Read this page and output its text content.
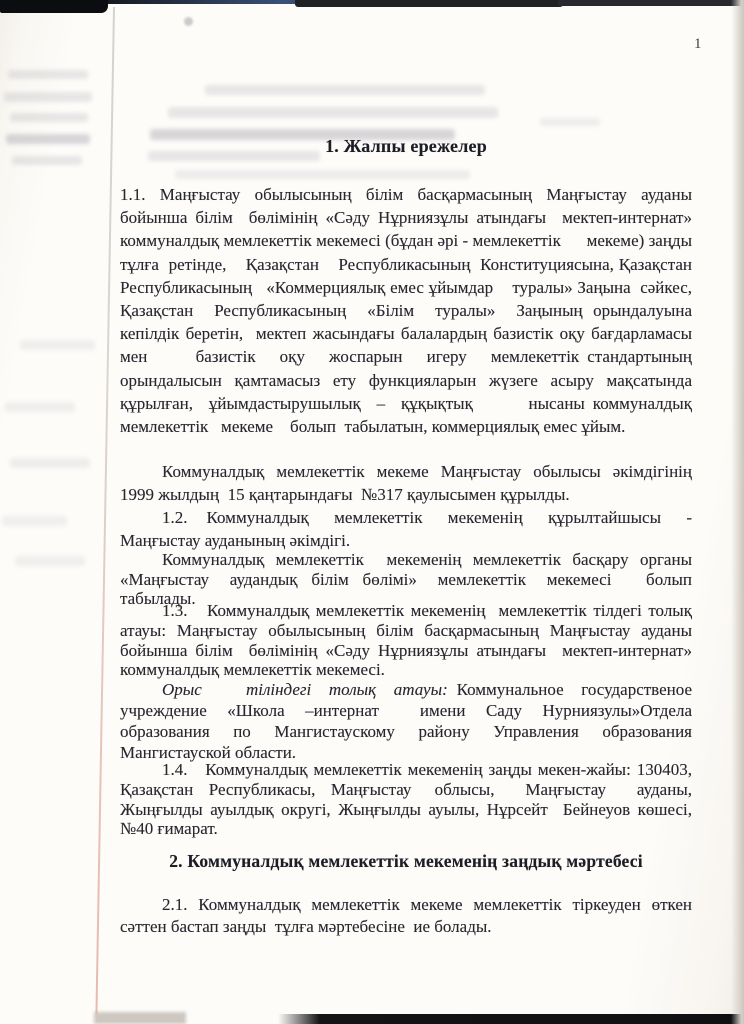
1
1. Жалпы ережелер
1.1.  Маңғыстау  обылысының  білім  басқармасының  Маңғыстау  ауданы бойынша білім  бөлімінің «Сәду Нұрниязұлы атындағы  мектеп-интернат» коммуналдық мемлекеттік мекемесі (бұдан әрі - мемлекеттік      мекеме) заңды  тұлға  ретінде,    Қазақстан    Республикасының  Конституциясына, Қазақстан Республикасының   «Коммерциялық емес ұйымдар    туралы» Заңына  сәйкес,  Қазақстан  Республикасының  «Білім  туралы»  Заңының орындалуына кепілдік беретін,  мектеп жасындағы балалардың базистік оқу бағдарламасы мен      базистік   оқу   жоспарын   игеру   мемлекеттік стандартының орындалысын қамтамасыз ету функцияларын жүзеге асыру мақсатында  құрылған,  ұйымдастырушылық  –  құқықтық       нысаны коммуналдық мемлекеттік   мекеме    болып  табылатын, коммерциялық емес ұйым.
Коммуналдық  мемлекеттік  мекеме  Маңғыстау  обылысы  әкімдігінің 1999 жылдың  15 қаңтарындағы  №317 қаулысымен құрылды.
1.2.   Коммуналдық    мемлекеттік    мекеменің    құрылтайшысы    - Маңғыстау ауданының әкімдігі.
Коммуналдық мемлекеттік  мекеменің мемлекеттік басқару органы «Маңғыстау   аудандық  білім  бөлімі»   мемлекеттік   мекемесі     болып табылады.
1.3.   Коммуналдық мемлекеттік мекеменің  мемлекеттік тілдегі толық атауы: Маңғыстау обылысының білім басқармасының Маңғыстау ауданы бойынша білім  бөлімінің «Сәду Нұрниязұлы атындағы  мектеп-интернат» коммуналдық мемлекеттік мекемесі.
Орыс     тіліндегі  толық  атауы: Коммунальное  государственое учреждение   «Школа   –интернат      имени   Саду   Нурниязулы»Отдела образования   по   Мангистаускому   району   Управления   образования Мангистауской области.
1.4.   Коммуналдық мемлекеттік мекеменің заңды мекен-жайы: 130403, Қазақстан  Республикасы,  Маңғыстау   облысы,    Маңғыстау    ауданы, Жыңғылды ауылдық округі, Жыңғылды ауылы, Нұрсейт  Бейнеуов көшесі, №40 ғимарат.
2. Коммуналдық мемлекеттік мекеменің заңдық мәртебесі
2.1.  Коммуналдық  мемлекеттік  мекеме  мемлекеттік  тіркеуден  өткен сәттен бастап заңды  тұлға мәртебесіне  ие болады.
